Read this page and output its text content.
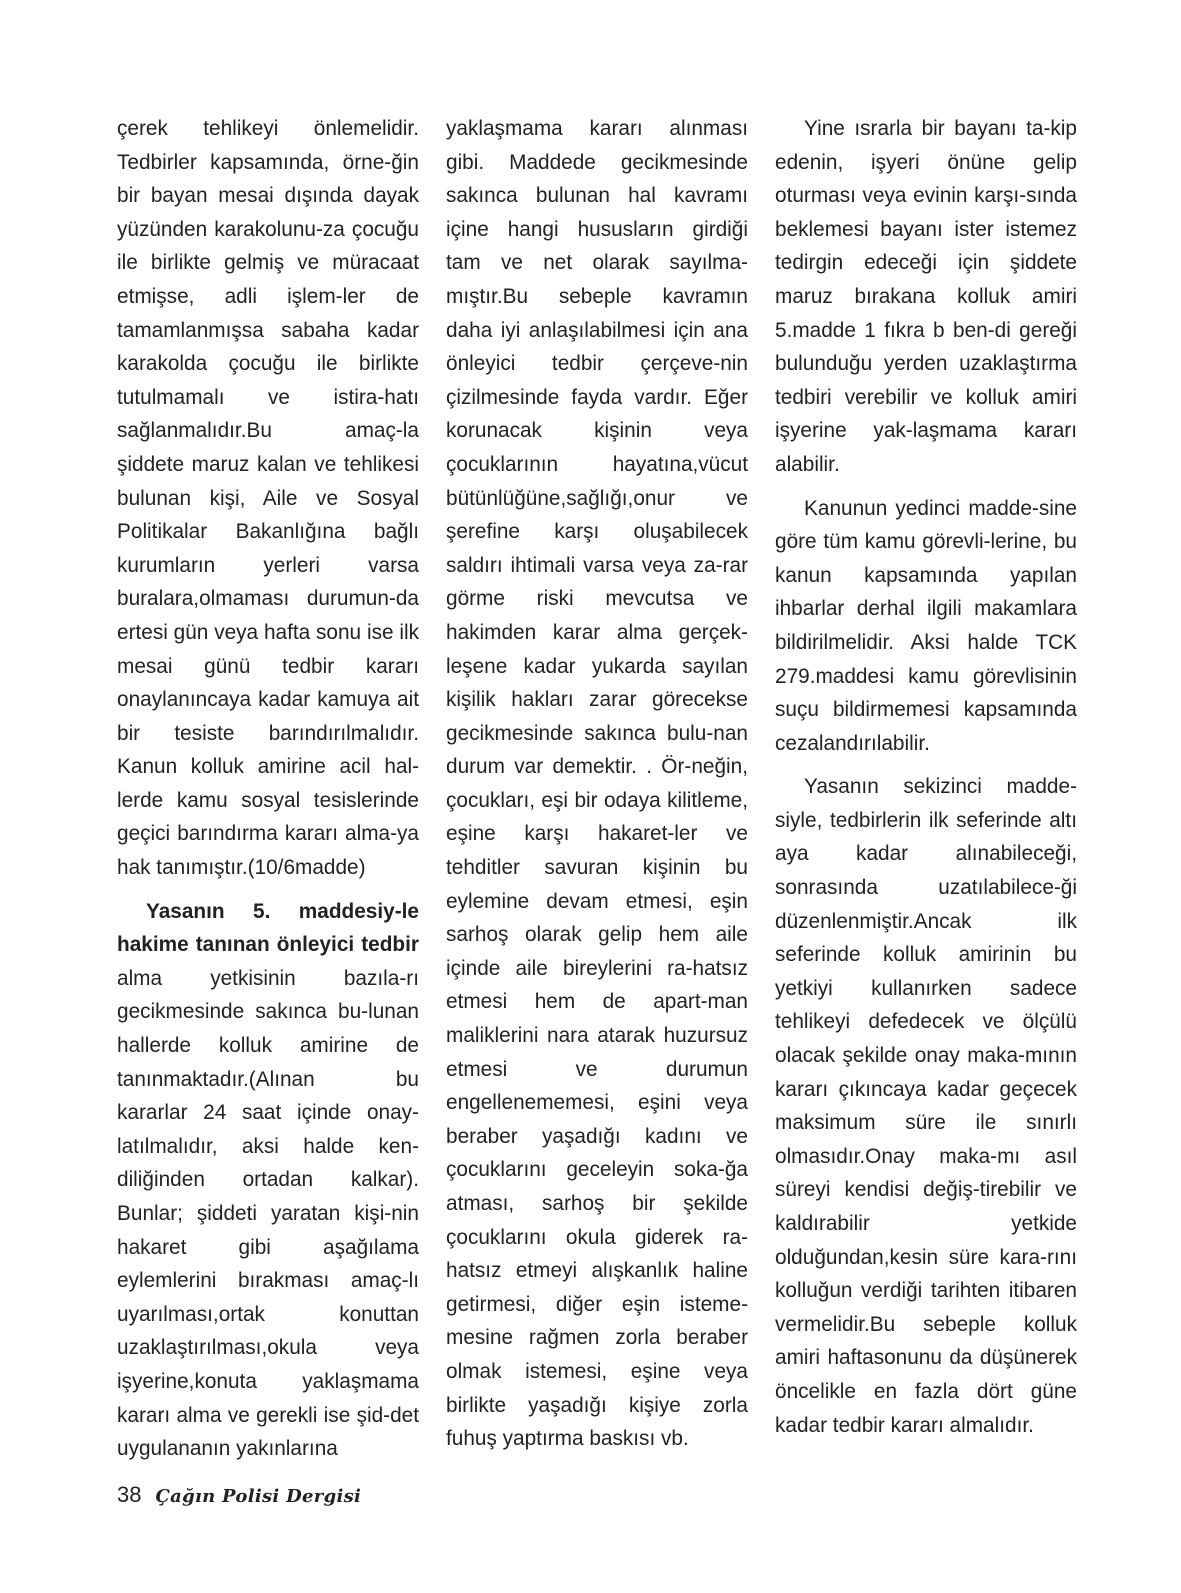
çerek tehlikeyi önlemelidir. Tedbirler kapsamında, örne-ğin bir bayan mesai dışında dayak yüzünden karakolunu-za çocuğu ile birlikte gelmiş ve müracaat etmişse, adli işlem-ler de tamamlanmışsa sabaha kadar karakolda çocuğu ile birlikte tutulmamalı ve istira-hatı sağlanmalıdır.Bu amaç-la şiddete maruz kalan ve tehlikesi bulunan kişi, Aile ve Sosyal Politikalar Bakanlığına bağlı kurumların yerleri varsa buralara,olmaması durumun-da ertesi gün veya hafta sonu ise ilk mesai günü tedbir kararı onaylanıncaya kadar kamuya ait bir tesiste barındırılmalıdır. Kanun kolluk amirine acil hal-lerde kamu sosyal tesislerinde geçici barındırma kararı alma-ya hak tanımıştır.(10/6madde)

Yasanın 5. maddesiy-le hakime tanınan önleyici tedbir alma yetkisinin bazıla-rı gecikmesinde sakınca bu-lunan hallerde kolluk amirine de tanınmaktadır.(Alınan bu kararlar 24 saat içinde onay-latılmalıdır, aksi halde ken-diliğinden ortadan kalkar). Bunlar; şiddeti yaratan kişi-nin hakaret gibi aşağılama eylemlerini bırakması amaç-lı uyarılması,ortak konuttan uzaklaştırılması,okula veya işyerine,konuta yaklaşmama kararı alma ve gerekli ise şid-det uygulananın yakınlarına

yaklaşmama kararı alınması gibi. Maddede gecikmesinde sakınca bulunan hal kavramı içine hangi hususların girdiği tam ve net olarak sayılma-mıştır.Bu sebeple kavramın daha iyi anlaşılabilmesi için ana önleyici tedbir çerçeve-nin çizilmesinde fayda vardır. Eğer korunacak kişinin veya çocuklarının hayatına,vücut bütünlüğüne,sağlığı,onur ve şerefine karşı oluşabilecek saldırı ihtimali varsa veya za-rar görme riski mevcutsa ve hakimden karar alma gerçek-leşene kadar yukarda sayılan kişilik hakları zarar görecekse gecikmesinde sakınca bulu-nan durum var demektir. . Ör-neğin, çocukları, eşi bir odaya kilitleme, eşine karşı hakaret-ler ve tehditler savuran kişinin bu eylemine devam etmesi, eşin sarhoş olarak gelip hem aile içinde aile bireylerini ra-hatsız etmesi hem de apart-man maliklerini nara atarak huzursuz etmesi ve durumun engellenememesi, eşini veya beraber yaşadığı kadını ve çocuklarını geceleyin soka-ğa atması, sarhoş bir şekilde çocuklarını okula giderek ra-hatsız etmeyi alışkanlık haline getirmesi, diğer eşin isteme-mesine rağmen zorla beraber olmak istemesi, eşine veya birlikte yaşadığı kişiye zorla fuhuş yaptırma baskısı vb.

Yine ısrarla bir bayanı ta-kip edenin, işyeri önüne gelip oturması veya evinin karşı-sında beklemesi bayanı ister istemez tedirgin edeceği için şiddete maruz bırakana kolluk amiri 5.madde 1 fıkra b ben-di gereği bulunduğu yerden uzaklaştırma tedbiri verebilir ve kolluk amiri işyerine yak-laşmama kararı alabilir.

Kanunun yedinci madde-sine göre tüm kamu görevli-lerine, bu kanun kapsamında yapılan ihbarlar derhal ilgili makamlara bildirilmelidir. Aksi halde TCK 279.maddesi kamu görevlisinin suçu bildirmemesi kapsamında cezalandırılabilir.

Yasanın sekizinci madde-siyle, tedbirlerin ilk seferinde altı aya kadar alınabileceği, sonrasında uzatılabilece-ği düzenlenmiştir.Ancak ilk seferinde kolluk amirinin bu yetkiyi kullanırken sadece tehlikeyi defedecek ve ölçülü olacak şekilde onay maka-mının kararı çıkıncaya kadar geçecek maksimum süre ile sınırlı olmasıdır.Onay maka-mı asıl süreyi kendisi değiş-tirebilir ve kaldırabilir yetkide olduğundan,kesin süre kara-rını kolluğun verdiği tarihten itibaren vermelidir.Bu sebeple kolluk amiri haftasonunu da düşünerek öncelikle en fazla dört güne kadar tedbir kararı almalıdır.

38 Çağın Polisi Dergisi
